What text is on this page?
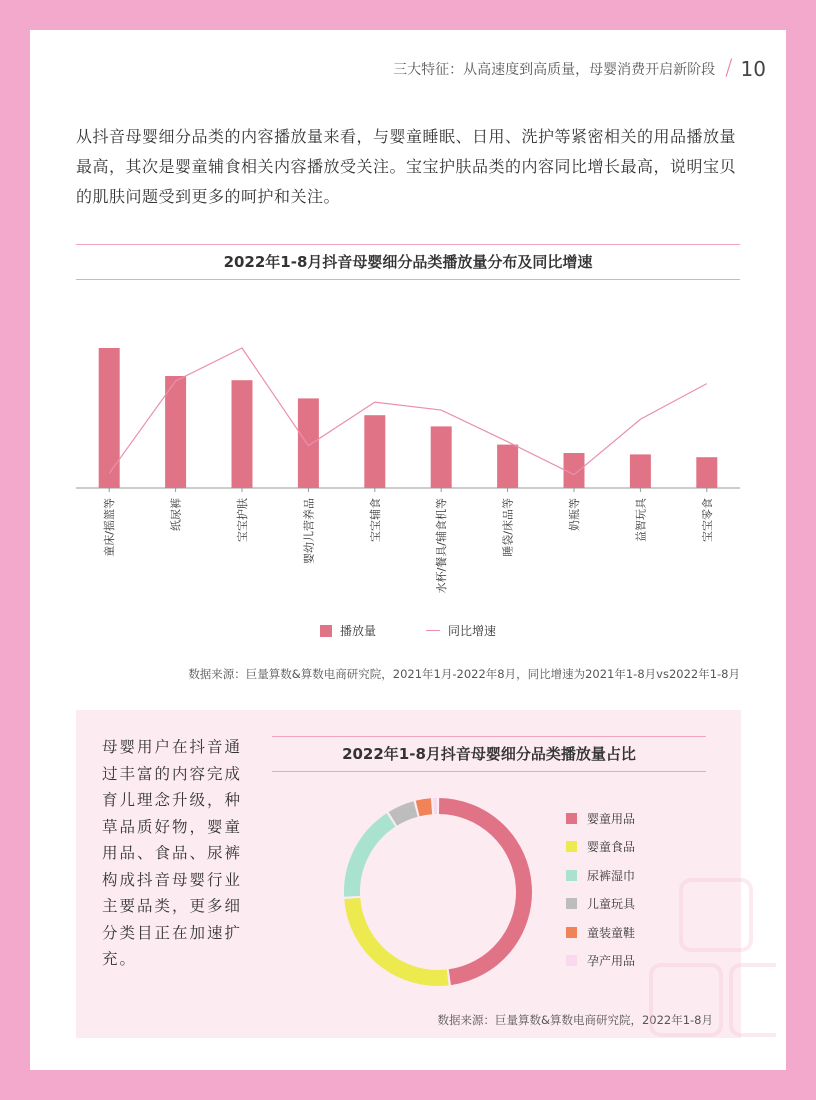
三大特征：从高速度到高质量，母婴消费开启新阶段 / 10
从抖音母婴细分品类的内容播放量来看，与婴童睡眠、日用、洗护等紧密相关的用品播放量最高，其次是婴童辅食相关内容播放受关注。宝宝护肤品类的内容同比增长最高，说明宝贝的肌肤问题受到更多的呵护和关注。
2022年1-8月抖音母婴细分品类播放量分布及同比增速
童床/摇篮等	纸尿裤	宝宝护肤	婴幼儿营养品	宝宝辅食	水杯/餐具/辅食机等	睡袋/床品等	奶瓶等	益智玩具	宝宝零食
播放量	同比增速
数据来源：巨量算数&算数电商研究院，2021年1月-2022年8月，同比增速为2021年1-8月vs2022年1-8月
母婴用户在抖音通过丰富的内容完成育儿理念升级，种草品质好物，婴童用品、食品、尿裤构成抖音母婴行业主要品类，更多细分类目正在加速扩充。
2022年1-8月抖音母婴细分品类播放量占比
婴童用品
婴童食品
尿裤湿巾
儿童玩具
童装童鞋
孕产用品
数据来源：巨量算数&算数电商研究院，2022年1-8月
